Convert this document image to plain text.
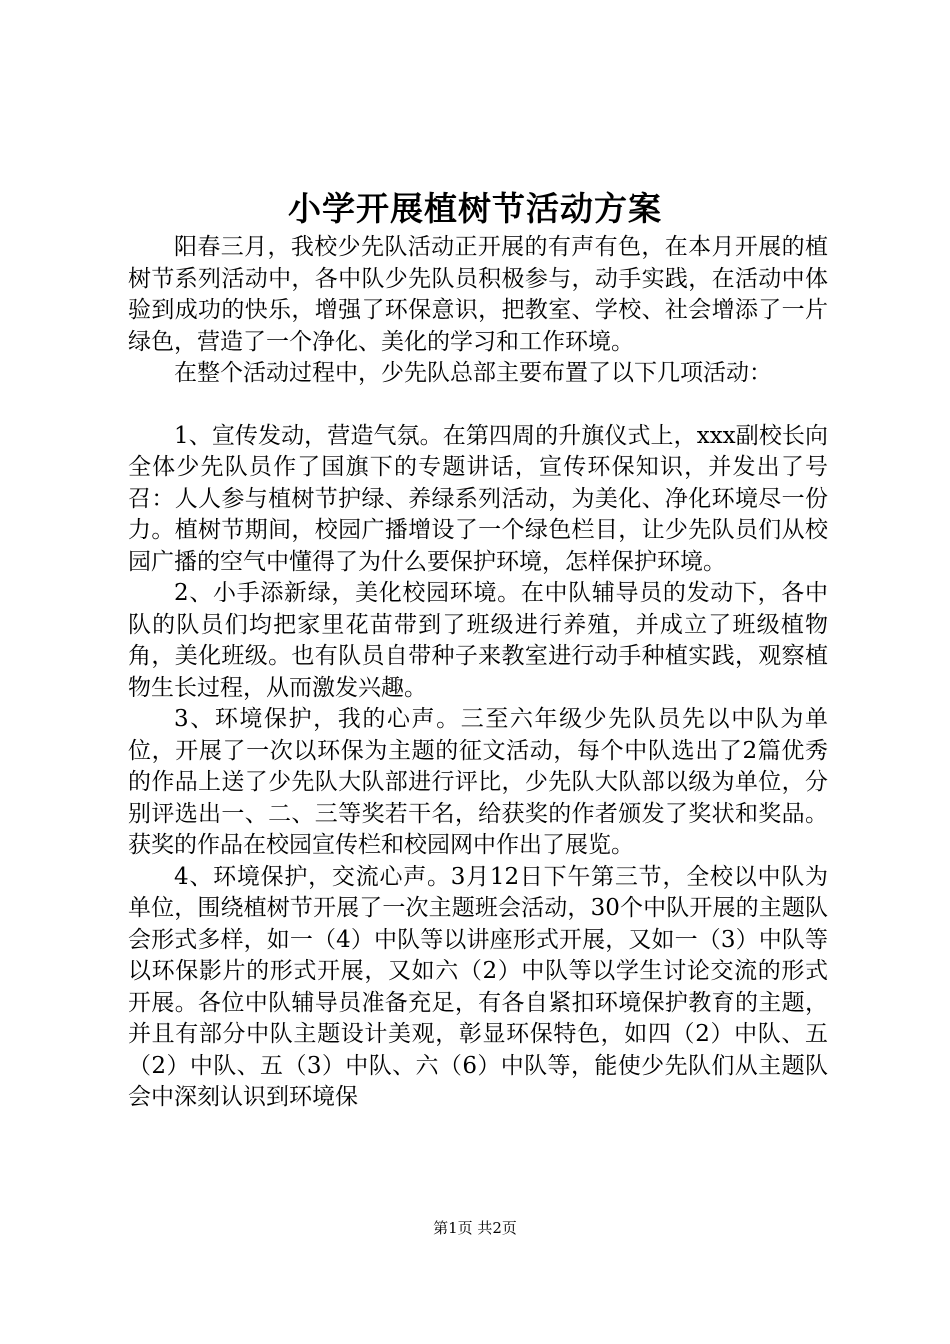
小学开展植树节活动方案

阳春三月，我校少先队活动正开展的有声有色，在本月开展的植树节系列活动中，各中队少先队员积极参与，动手实践，在活动中体验到成功的快乐，增强了环保意识，把教室、学校、社会增添了一片绿色，营造了一个净化、美化的学习和工作环境。

在整个活动过程中，少先队总部主要布置了以下几项活动：

1、宣传发动，营造气氛。在第四周的升旗仪式上，xxx副校长向全体少先队员作了国旗下的专题讲话，宣传环保知识，并发出了号召：人人参与植树节护绿、养绿系列活动，为美化、净化环境尽一份力。植树节期间，校园广播增设了一个绿色栏目，让少先队员们从校园广播的空气中懂得了为什么要保护环境，怎样保护环境。

2、小手添新绿，美化校园环境。在中队辅导员的发动下，各中队的队员们均把家里花苗带到了班级进行养殖，并成立了班级植物角，美化班级。也有队员自带种子来教室进行动手种植实践，观察植物生长过程，从而激发兴趣。

3、环境保护，我的心声。三至六年级少先队员先以中队为单位，开展了一次以环保为主题的征文活动，每个中队选出了2篇优秀的作品上送了少先队大队部进行评比，少先队大队部以级为单位，分别评选出一、二、三等奖若干名，给获奖的作者颁发了奖状和奖品。获奖的作品在校园宣传栏和校园网中作出了展览。

4、环境保护，交流心声。3月12日下午第三节，全校以中队为单位，围绕植树节开展了一次主题班会活动，30个中队开展的主题队会形式多样，如一（4）中队等以讲座形式开展，又如一（3）中队等以环保影片的形式开展，又如六（2）中队等以学生讨论交流的形式开展。各位中队辅导员准备充足，有各自紧扣环境保护教育的主题，并且有部分中队主题设计美观，彰显环保特色，如四（2）中队、五（2）中队、五（3）中队、六（6）中队等，能使少先队们从主题队会中深刻认识到环境保

第1页 共2页
